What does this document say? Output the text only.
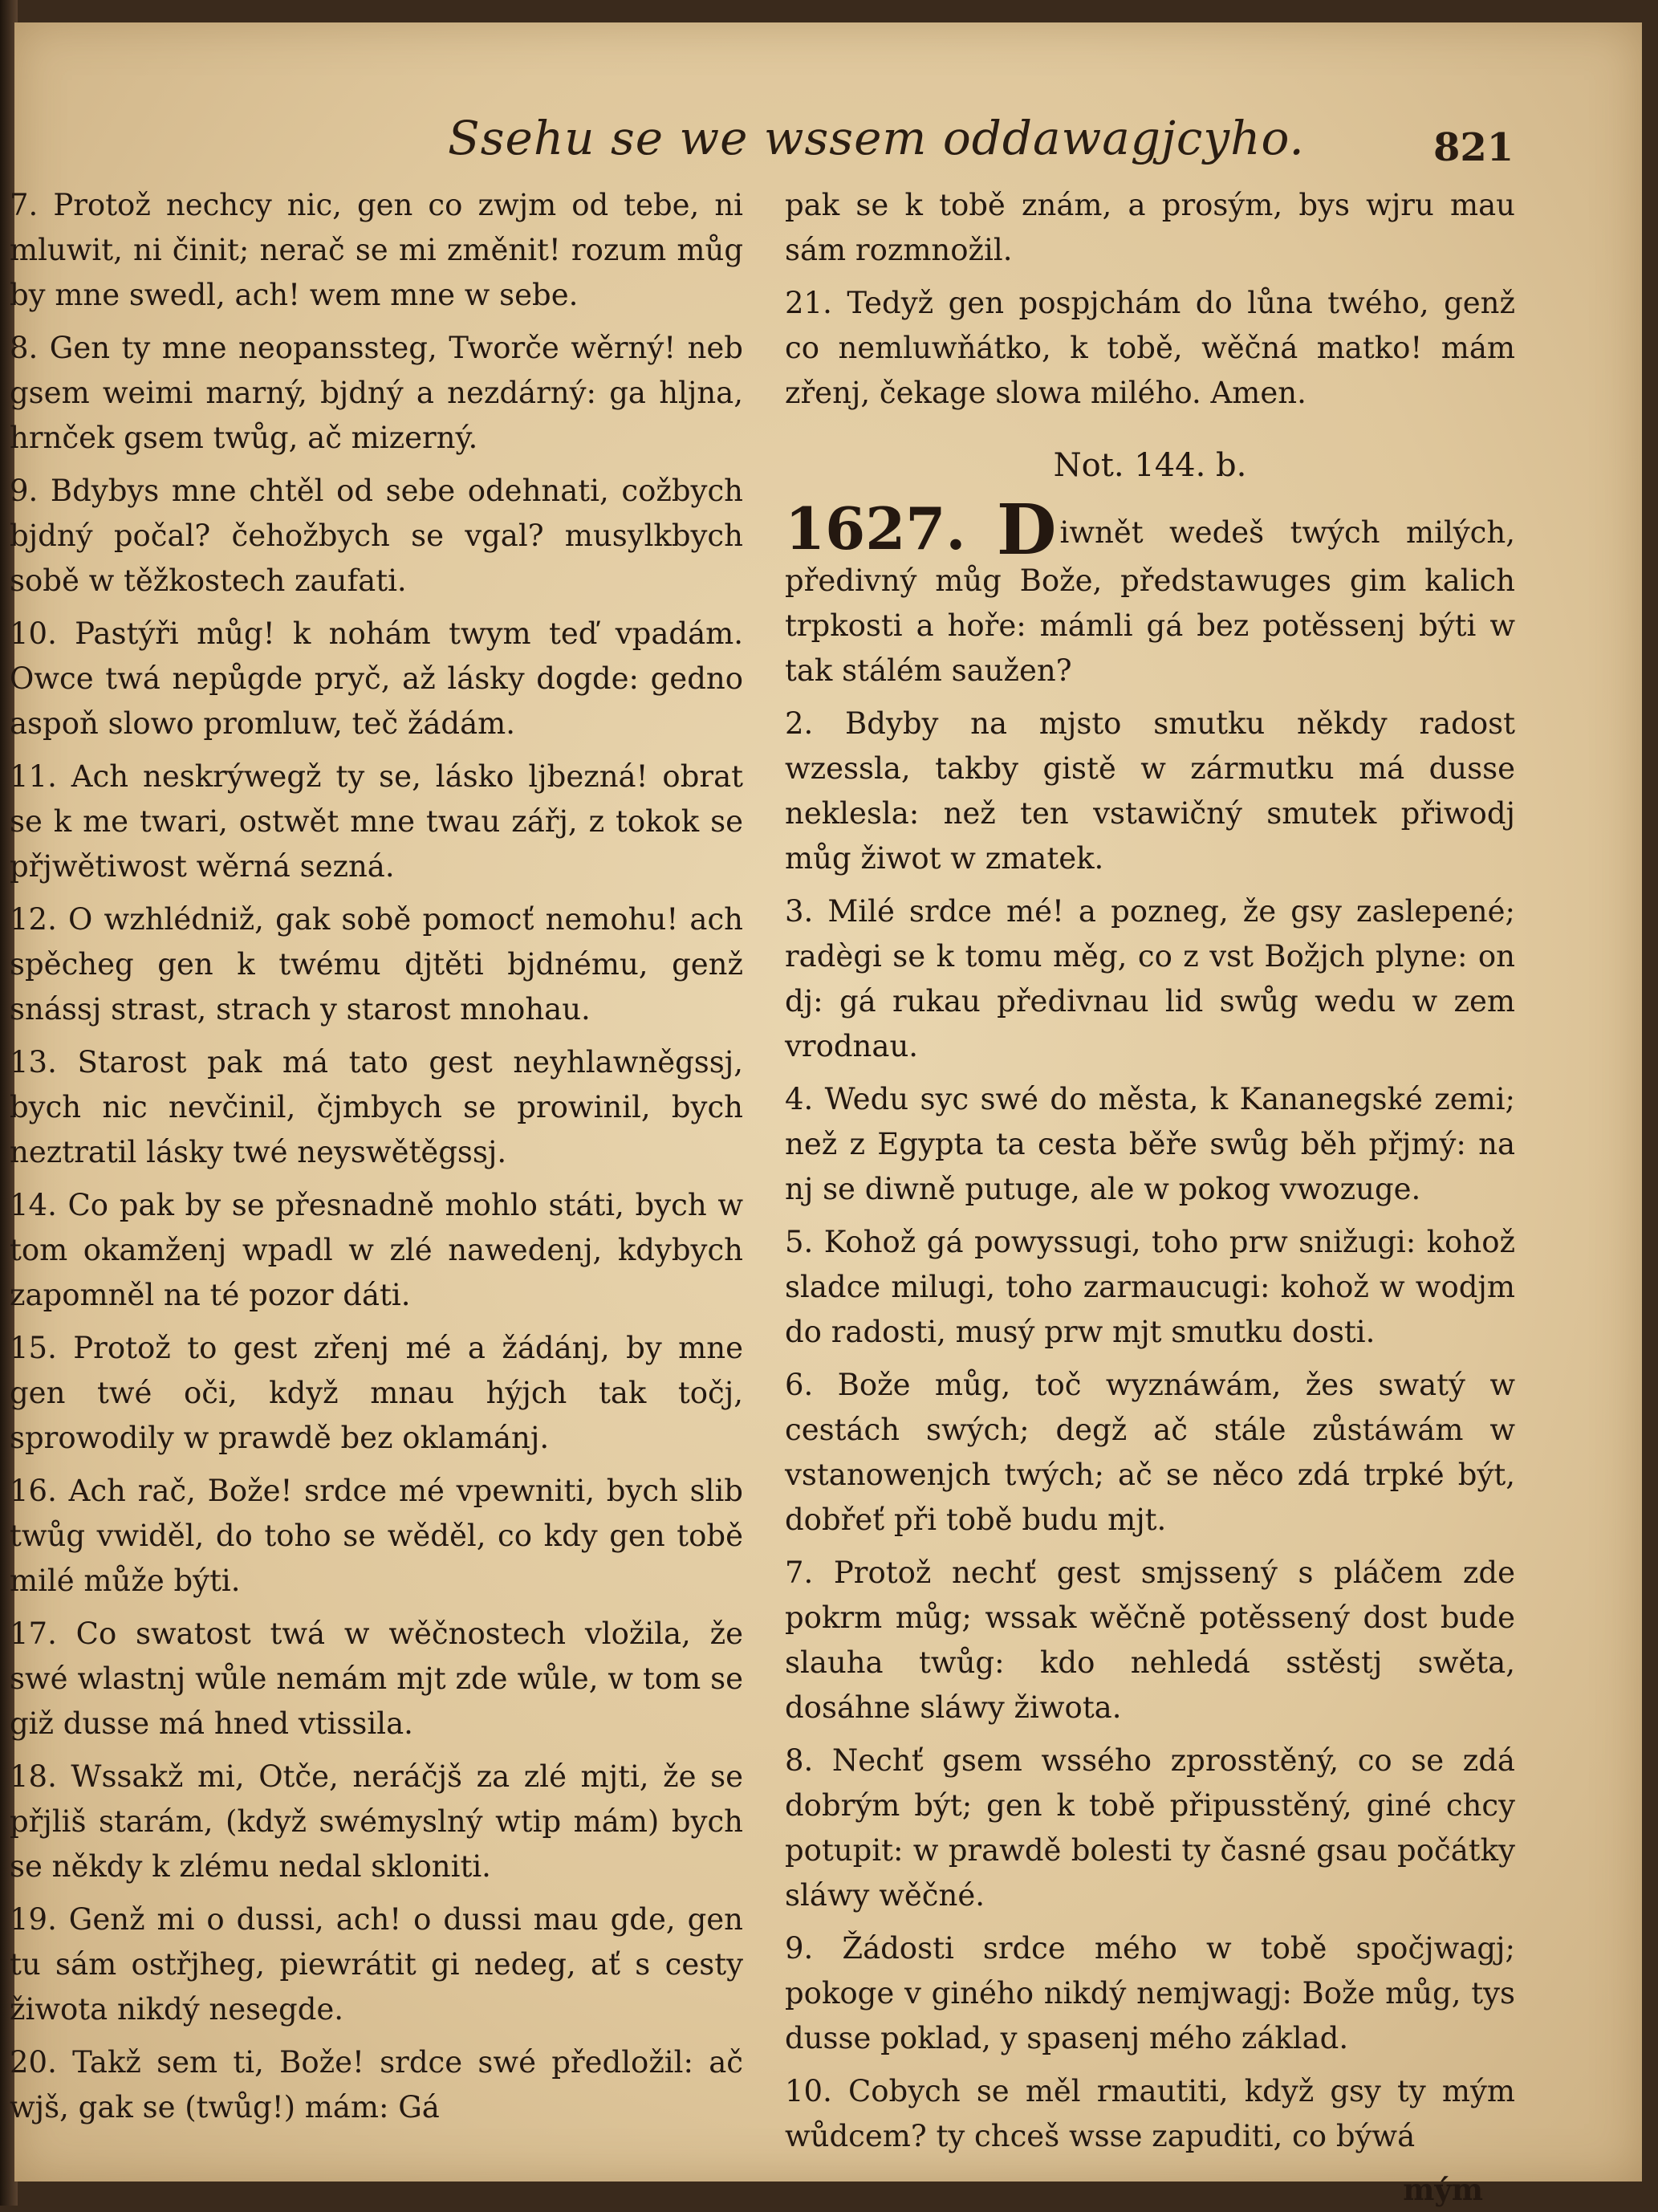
Ssehu se we wssem oddawagjcyho.	821

7. Protož nechcy nic, gen co zwjm od tebe, ni mluwit, ni činit; nerač se mi změnit! rozum můg by mne swedl, ach! wem mne w sebe.

8. Gen ty mne neopanssteg, Tworče wěrný! neb gsem weimi marný, bjdný a nezdárný: ga hljna, hrnček gsem twůg, ač mizerný.

9. Bdybys mne chtěl od sebe odehnati, cožbych bjdný počal? čehožbych se vgal? musylkbych sobě w těžkostech zaufati.

10. Pastýři můg! k nohám twym teď vpadám. Owce twá nepůgde pryč, až lásky dogde: gedno aspoň slowo promluw, teč žádám.

11. Ach neskrýwegž ty se, lásko ljbezná! obrat se k me twari, ostwět mne twau zářj, z tokok se přjwětiwost wěrná sezná.

12. O wzhlédniž, gak sobě pomocť nemohu! ach spěcheg gen k twému djtěti bjdnému, genž snássj strast, strach y starost mnohau.

13. Starost pak má tato gest neyhlawněgssj, bych nic nevčinil, čjmbych se prowinil, bych neztratil lásky twé neyswětěgssj.

14. Co pak by se přesnadně mohlo státi, bych w tom okamženj wpadl w zlé nawedenj, kdybych zapomněl na té pozor dáti.

15. Protož to gest zřenj mé a žádánj, by mne gen twé oči, když mnau hýjch tak točj, sprowodily w prawdě bez oklamánj.

16. Ach rač, Bože! srdce mé vpewniti, bych slib twůg vwiděl, do toho se wěděl, co kdy gen tobě milé může býti.

17. Co swatost twá w wěčnostech vložila, že swé wlastnj wůle nemám mjt zde wůle, w tom se giž dusse má hned vtissila.

18. Wssakž mi, Otče, neráčjš za zlé mjti, že se přjliš starám, (když swémyslný wtip mám) bych se někdy k zlému nedal skloniti.

19. Genž mi o dussi, ach! o dussi mau gde, gen tu sám ostřjheg, piewrátit gi nedeg, ať s cesty žiwota nikdý nesegde.

20. Takž sem ti, Bože! srdce swé předložil: ač wjš, gak se (twůg!) mám: Gá

pak se k tobě znám, a prosým, bys wjru mau sám rozmnožil.

21. Tedyž gen pospjchám do lůna twého, genž co nemluwňátko, k tobě, wěčná matko! mám zřenj, čekage slowa milého. Amen.

Not. 144. b.

1627. D iwnět wedeš twých milých, předivný můg Bože, předstawuges gim kalich trpkosti a hoře: mámli gá bez potěssenj býti w tak stálém saužen?

2. Bdyby na mjsto smutku někdy radost wzessla, takby gistě w zármutku má dusse neklesla: než ten vstawičný smutek přiwodj můg žiwot w zmatek.

3. Milé srdce mé! a pozneg, že gsy zaslepené; radègi se k tomu měg, co z vst Božjch plyne: on dj: gá rukau předivnau lid swůg wedu w zem vrodnau.

4. Wedu syc swé do města, k Kananegské zemi; než z Egypta ta cesta běře swůg běh přjmý: na nj se diwně putuge, ale w pokog vwozuge.

5. Kohož gá powyssugi, toho prw snižugi: kohož sladce milugi, toho zarmaucugi: kohož w wodjm do radosti, musý prw mjt smutku dosti.

6. Bože můg, toč wyznáwám, žes swatý w cestách swých; degž ač stále zůstáwám w vstanowenjch twých; ač se něco zdá trpké být, dobřeť při tobě budu mjt.

7. Protož nechť gest smjssený s pláčem zde pokrm můg; wssak wěčně potěssený dost bude slauha twůg: kdo nehledá sstěstj swěta, dosáhne sláwy žiwota.

8. Nechť gsem wssého zprosstěný, co se zdá dobrým být; gen k tobě připusstěný, giné chcy potupit: w prawdě bolesti ty časné gsau počátky sláwy wěčné.

9. Žádosti srdce mého w tobě spočjwagj; pokoge v giného nikdý nemjwagj: Bože můg, tys dusse poklad, y spasenj mého základ.

10. Cobych se měl rmautiti, když gsy ty mým wůdcem? ty chceš wsse zapuditi, co býwá

mým
